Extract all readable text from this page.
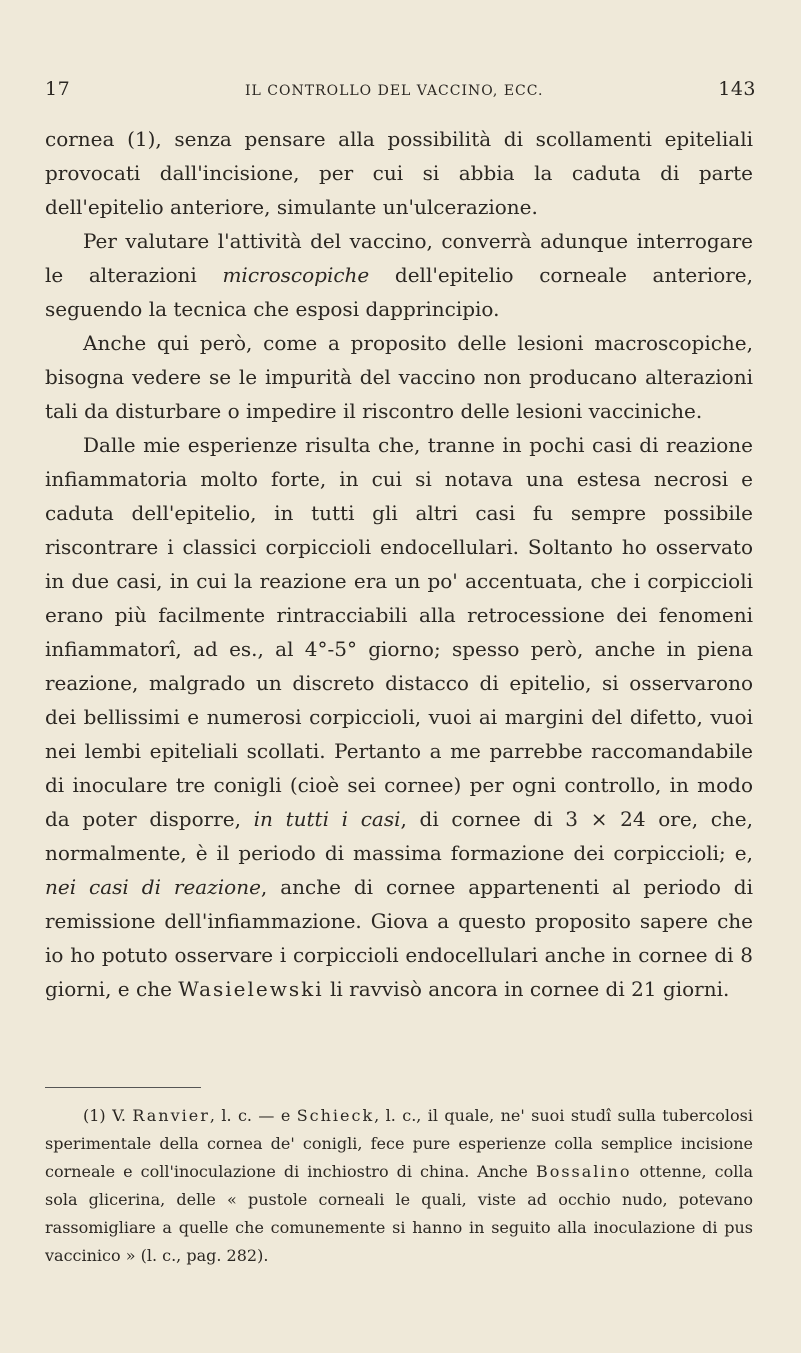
17	IL CONTROLLO DEL VACCINO, ECC.	143

cornea (1), senza pensare alla possibilità di scollamenti epiteliali provocati dall'incisione, per cui si abbia la caduta di parte dell'epitelio anteriore, simulante un'ulcerazione.

Per valutare l'attività del vaccino, converrà adunque interrogare le alterazioni microscopiche dell'epitelio corneale anteriore, seguendo la tecnica che esposi dapprincipio.

Anche qui però, come a proposito delle lesioni macroscopiche, bisogna vedere se le impurità del vaccino non producano alterazioni tali da disturbare o impedire il riscontro delle lesioni vacciniche.

Dalle mie esperienze risulta che, tranne in pochi casi di reazione infiammatoria molto forte, in cui si notava una estesa necrosi e caduta dell'epitelio, in tutti gli altri casi fu sempre possibile riscontrare i classici corpiccioli endocellulari. Soltanto ho osservato in due casi, in cui la reazione era un po' accentuata, che i corpiccioli erano più facilmente rintracciabili alla retrocessione dei fenomeni infiammatorî, ad es., al 4°-5° giorno; spesso però, anche in piena reazione, malgrado un discreto distacco di epitelio, si osservarono dei bellissimi e numerosi corpiccioli, vuoi ai margini del difetto, vuoi nei lembi epiteliali scollati. Pertanto a me parrebbe raccomandabile di inoculare tre conigli (cioè sei cornee) per ogni controllo, in modo da poter disporre, in tutti i casi, di cornee di 3 × 24 ore, che, normalmente, è il periodo di massima formazione dei corpiccioli; e, nei casi di reazione, anche di cornee appartenenti al periodo di remissione dell'infiammazione. Giova a questo proposito sapere che io ho potuto osservare i corpiccioli endocellulari anche in cornee di 8 giorni, e che Wasielewski li ravvisò ancora in cornee di 21 giorni.

(1) V. Ranvier, l. c. — e Schieck, l. c., il quale, ne' suoi studî sulla tubercolosi sperimentale della cornea de' conigli, fece pure esperienze colla semplice incisione corneale e coll'inoculazione di inchiostro di china. Anche Bossalino ottenne, colla sola glicerina, delle « pustole corneali le quali, viste ad occhio nudo, potevano rassomigliare a quelle che comunemente si hanno in seguito alla inoculazione di pus vaccinico » (l. c., pag. 282).
